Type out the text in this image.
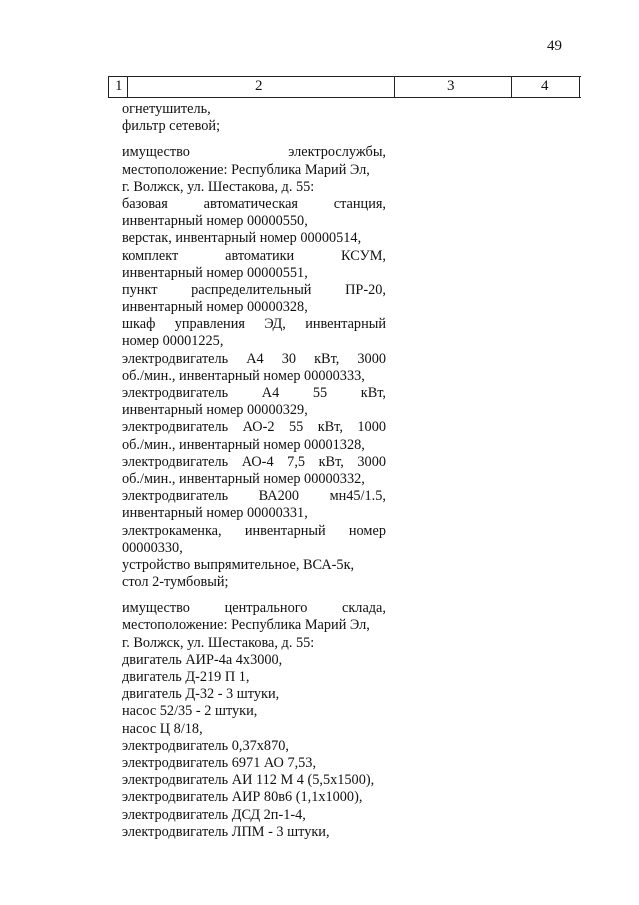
49
1	2	3	4
огнетушитель,
фильтр сетевой;
имущество	электрослужбы,
местоположение: Республика Марий Эл,
г. Волжск, ул. Шестакова, д. 55:
базовая	автоматическая	станция,
инвентарный номер 00000550,
верстак, инвентарный номер 00000514,
комплект	автоматики	КСУМ,
инвентарный номер 00000551,
пункт распределительный ПР-20,
инвентарный номер 00000328,
шкаф управления ЭД, инвентарный
номер 00001225,
электродвигатель А4 30 кВт, 3000
об./мин., инвентарный номер 00000333,
электродвигатель А4 55 кВт,
инвентарный номер 00000329,
электродвигатель АО-2 55 кВт, 1000
об./мин., инвентарный номер 00001328,
электродвигатель АО-4 7,5 кВт, 3000
об./мин., инвентарный номер 00000332,
электродвигатель ВА200 мн45/1.5,
инвентарный номер 00000331,
электрокаменка, инвентарный номер
00000330,
устройство выпрямительное, ВСА-5к,
стол 2-тумбовый;
имущество центрального склада,
местоположение: Республика Марий Эл,
г. Волжск, ул. Шестакова, д. 55:
двигатель АИР-4а 4х3000,
двигатель Д-219 П 1,
двигатель Д-32 - 3 штуки,
насос 52/35 - 2 штуки,
насос Ц 8/18,
электродвигатель 0,37х870,
электродвигатель 6971 АО 7,53,
электродвигатель АИ 112 М 4 (5,5х1500),
электродвигатель АИР 80в6 (1,1х1000),
электродвигатель ДСД 2п-1-4,
электродвигатель ЛПМ - 3 штуки,
